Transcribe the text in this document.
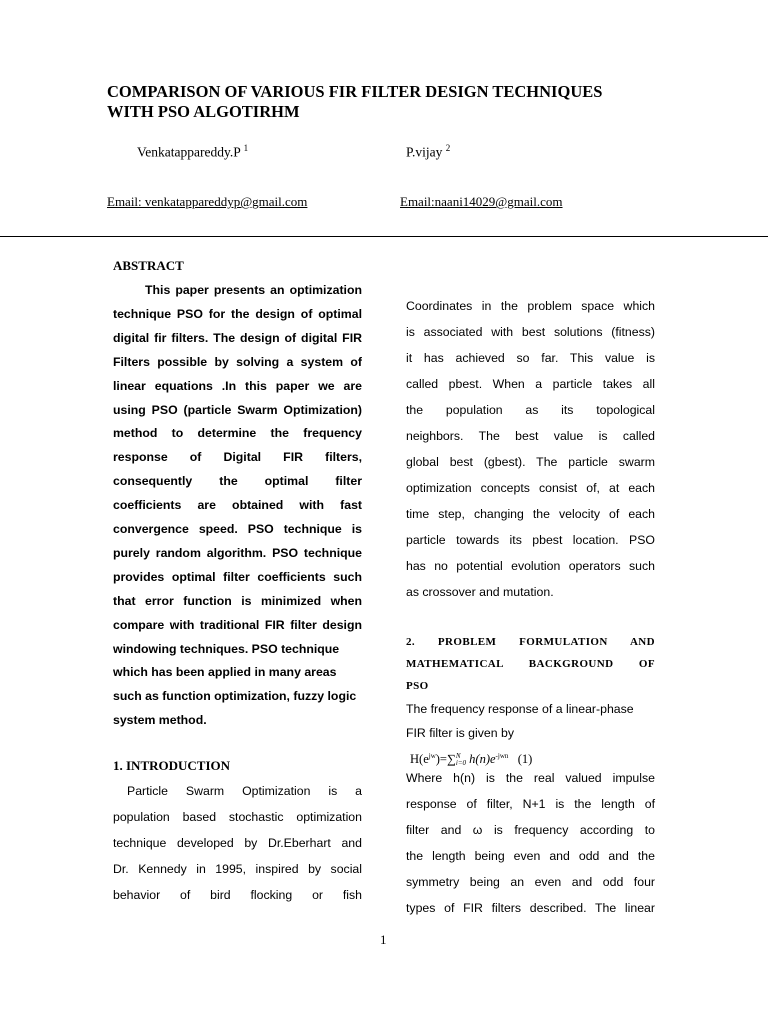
COMPARISON OF VARIOUS FIR FILTER DESIGN TECHNIQUES
WITH PSO ALGOTIRHM
Venkatappareddy.P $^1$	P.vijay $^2$
Email: venkatappareddyp@gmail.com	Email:naani14029@gmail.com
ABSTRACT
This paper presents an optimization
technique PSO for the design of optimal
digital fir filters. The design of digital FIR
Filters possible by solving a system of
linear equations .In this paper we are
using PSO (particle Swarm Optimization)
method to determine the frequency
response of Digital FIR filters,
consequently the optimal filter
coefficients are obtained with fast
convergence speed. PSO technique is
purely random algorithm. PSO technique
provides optimal filter coefficients such
that error function is minimized when
compare with traditional FIR filter design
windowing techniques. PSO technique
which has been applied in many areas
such as function optimization, fuzzy logic
system method.
1. INTRODUCTION
Particle Swarm Optimization is a
population based stochastic optimization
technique developed by Dr.Eberhart and
Dr. Kennedy in 1995, inspired by social
behavior of bird flocking or fish
Coordinates in the problem space which
is associated with best solutions (fitness)
it has achieved so far. This value is
called pbest. When a particle takes all
the population as its topological
neighbors. The best value is called
global best (gbest). The particle swarm
optimization concepts consist of, at each
time step, changing the velocity of each
particle towards its pbest location. PSO
has no potential evolution operators such
as crossover and mutation.
2. PROBLEM FORMULATION AND
MATHEMATICAL BACKGROUND OF
PSO
The frequency response of a linear-phase
FIR filter is given by
$H(e^{jw})=\sum N$
i=0 $h(n)e^{-jwn}$ (1)
Where h(n) is the real valued impulse
response of filter, N+1 is the length of
filter and ω is frequency according to
the length being even and odd and the
symmetry being an even and odd four
types of FIR filters described. The linear
1
